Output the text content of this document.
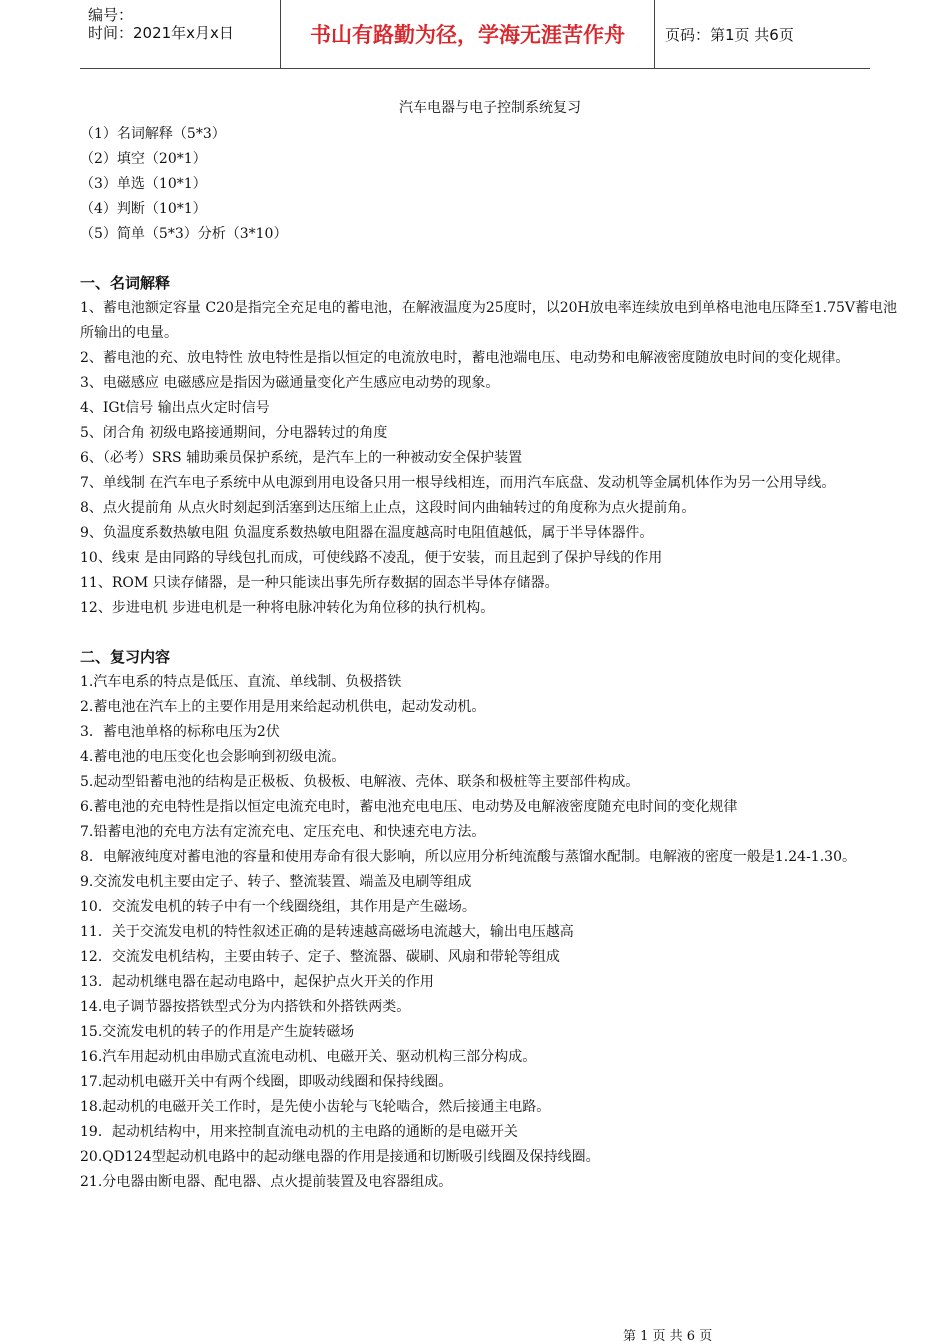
编号：
时间：2021年x月x日	书山有路勤为径，学海无涯苦作舟	页码：第1页 共6页
汽车电器与电子控制系统复习

（1）名词解释（5*3）

（2）填空（20*1）

（3）单选（10*1）

（4）判断（10*1）

（5）简单（5*3）分析（3*10）

一、名词解释

1、蓄电池额定容量 C20是指完全充足电的蓄电池，在解液温度为25度时，以20H放电率连续放电到单格电池电压降至1.75V蓄电池所输出的电量。

2、蓄电池的充、放电特性 放电特性是指以恒定的电流放电时，蓄电池端电压、电动势和电解液密度随放电时间的变化规律。

3、电磁感应 电磁感应是指因为磁通量变化产生感应电动势的现象。

4、IGt信号 输出点火定时信号

5、闭合角 初级电路接通期间，分电器转过的角度

6、（必考）SRS 辅助乘员保护系统，是汽车上的一种被动安全保护装置

7、单线制 在汽车电子系统中从电源到用电设备只用一根导线相连，而用汽车底盘、发动机等金属机体作为另一公用导线。

8、点火提前角 从点火时刻起到活塞到达压缩上止点，这段时间内曲轴转过的角度称为点火提前角。

9、负温度系数热敏电阻 负温度系数热敏电阻器在温度越高时电阻值越低，属于半导体器件。

10、线束 是由同路的导线包扎而成，可使线路不凌乱，便于安装，而且起到了保护导线的作用

11、ROM 只读存储器，是一种只能读出事先所存数据的固态半导体存储器。

12、步进电机 步进电机是一种将电脉冲转化为角位移的执行机构。

二、复习内容

1.汽车电系的特点是低压、直流、单线制、负极搭铁

2.蓄电池在汽车上的主要作用是用来给起动机供电，起动发动机。

3．蓄电池单格的标称电压为2伏

4.蓄电池的电压变化也会影响到初级电流。

5.起动型铅蓄电池的结构是正极板、负极板、电解液、壳体、联条和极桩等主要部件构成。

6.蓄电池的充电特性是指以恒定电流充电时，蓄电池充电电压、电动势及电解液密度随充电时间的变化规律

7.铅蓄电池的充电方法有定流充电、定压充电、和快速充电方法。

8．电解液纯度对蓄电池的容量和使用寿命有很大影响，所以应用分析纯流酸与蒸馏水配制。电解液的密度一般是1.24-1.30。

9.交流发电机主要由定子、转子、整流装置、端盖及电刷等组成

10．交流发电机的转子中有一个线圈绕组，其作用是产生磁场。

11．关于交流发电机的特性叙述正确的是转速越高磁场电流越大，输出电压越高

12．交流发电机结构，主要由转子、定子、整流器、碳刷、风扇和带轮等组成

13．起动机继电器在起动电路中，起保护点火开关的作用

14.电子调节器按搭铁型式分为内搭铁和外搭铁两类。

15.交流发电机的转子的作用是产生旋转磁场

16.汽车用起动机由串励式直流电动机、电磁开关、驱动机构三部分构成。

17.起动机电磁开关中有两个线圈，即吸动线圈和保持线圈。

18.起动机的电磁开关工作时，是先使小齿轮与飞轮啮合，然后接通主电路。

19．起动机结构中，用来控制直流电动机的主电路的通断的是电磁开关

20.QD124型起动机电路中的起动继电器的作用是接通和切断吸引线圈及保持线圈。

21.分电器由断电器、配电器、点火提前装置及电容器组成。

第 1 页 共 6 页
